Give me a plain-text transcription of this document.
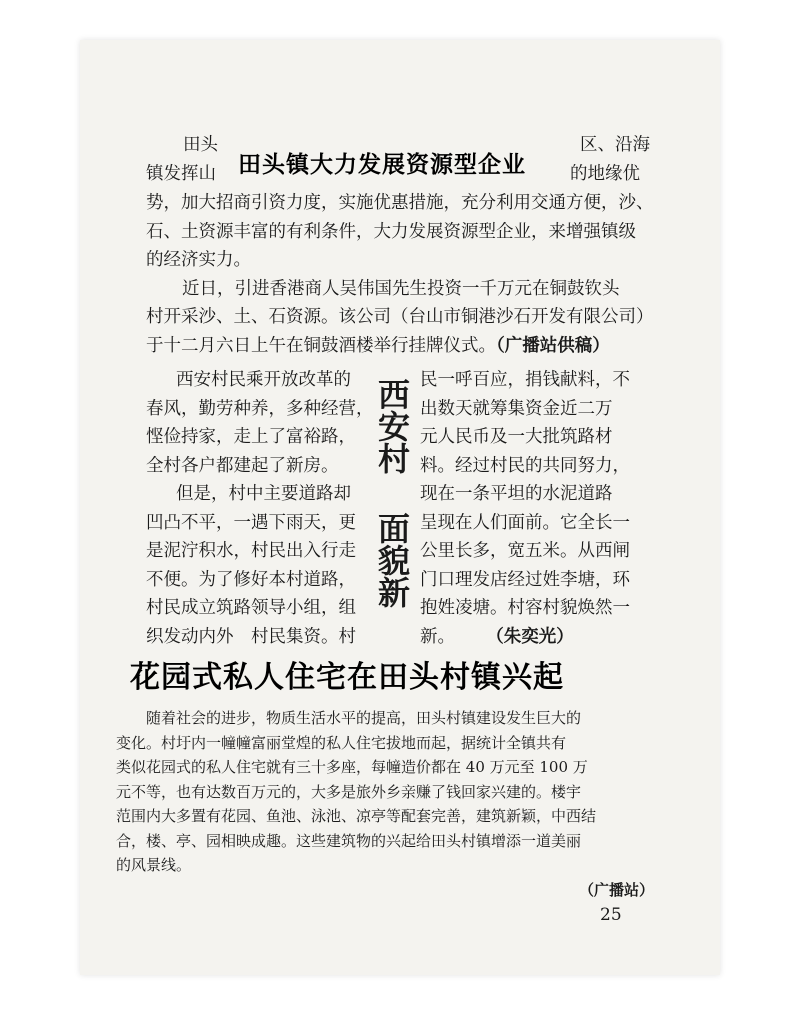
田头
镇发挥山 田头镇大力发展资源型企业
区、沿海
的地缘优
势，加大招商引资力度，实施优惠措施，充分利用交通方便，沙、
石、土资源丰富的有利条件，大力发展资源型企业，来增强镇级
的经济实力。
近日，引进香港商人吴伟国先生投资一千万元在铜鼓钦头
村开采沙、土、石资源。该公司（台山市铜港沙石开发有限公司）
于十二月六日上午在铜鼓酒楼举行挂牌仪式。（广播站供稿）
西安村民乘开放改革的
春风，勤劳种养，多种经营，
悭俭持家，走上了富裕路，
全村各户都建起了新房。
但是，村中主要道路却
凹凸不平，一遇下雨天，更
是泥泞积水，村民出入行走
不便。为了修好本村道路，
村民成立筑路领导小组，组
织发动内外　村民集资。村
西安村
面貌新
民一呼百应，捐钱献料，不
出数天就筹集资金近二万
元人民币及一大批筑路材
料。经过村民的共同努力，
现在一条平坦的水泥道路
呈现在人们面前。它全长一
公里长多，宽五米。从西闸
门口理发店经过姓李塘，环
抱姓凌塘。村容村貌焕然一
新。 （朱奕光）
花园式私人住宅在田头村镇兴起
随着社会的进步，物质生活水平的提高，田头村镇建设发生巨大的
变化。村圩内一幢幢富丽堂煌的私人住宅拔地而起，据统计全镇共有
类似花园式的私人住宅就有三十多座，每幢造价都在 40 万元至 100 万
元不等，也有达数百万元的，大多是旅外乡亲赚了钱回家兴建的。楼宇
范围内大多置有花园、鱼池、泳池、凉亭等配套完善，建筑新颖，中西结
合，楼、亭、园相映成趣。这些建筑物的兴起给田头村镇增添一道美丽
的风景线。
（广播站）
25
